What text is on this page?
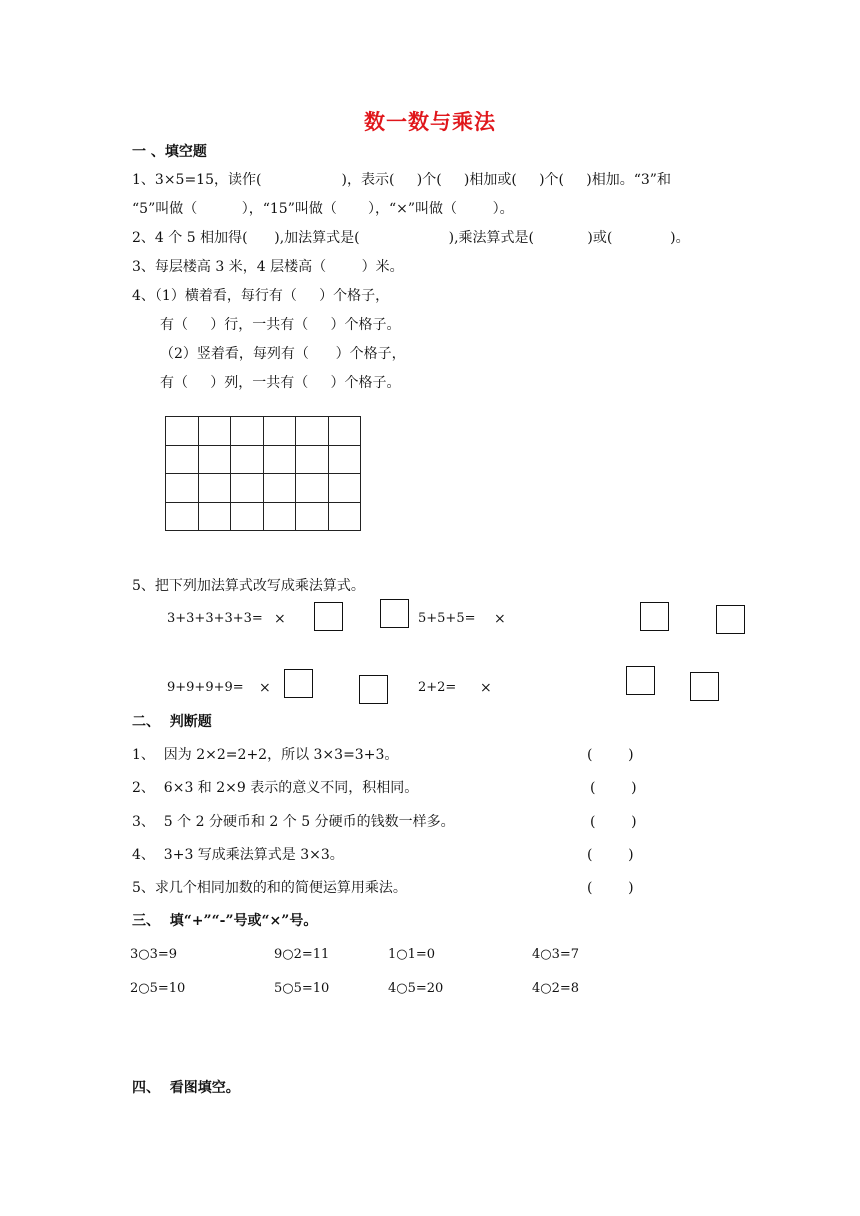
数一数与乘法
一 、填空题
1、3×5=15，读作(                  )，表示(     )个(     )相加或(     )个(     )相加。“3”和
“5”叫做（          ），“15”叫做（       ），“×”叫做（        ）。
2、4 个 5 相加得(      ),加法算式是(                    ),乘法算式是(            )或(             )。
3、每层楼高 3 米，4 层楼高（        ）米。
4、（1）横着看，每行有（     ）个格子，
有（     ）行，一共有（     ）个格子。
（2）竖着看，每列有（      ）个格子，
有（     ）列，一共有（     ）个格子。

5、把下列加法算式改写成乘法算式。
3+3+3+3+3= ×	5+5+5= ×
9+9+9+9= ×	2+2= ×
二、  判断题
1、  因为 2×2=2+2，所以 3×3=3+3。	(        )
2、  6×3 和 2×9 表示的意义不同，积相同。	(        )
3、  5 个 2 分硬币和 2 个 5 分硬币的钱数一样多。	(        )
4、  3+3 写成乘法算式是 3×3。	(        )
5、求几个相同加数的和的简便运算用乘法。	(        )
三、  填“+”“-”号或“×”号。
3○3=9	9○2=11	1○1=0	4○3=7
2○5=10	5○5=10	4○5=20	4○2=8
四、  看图填空。
